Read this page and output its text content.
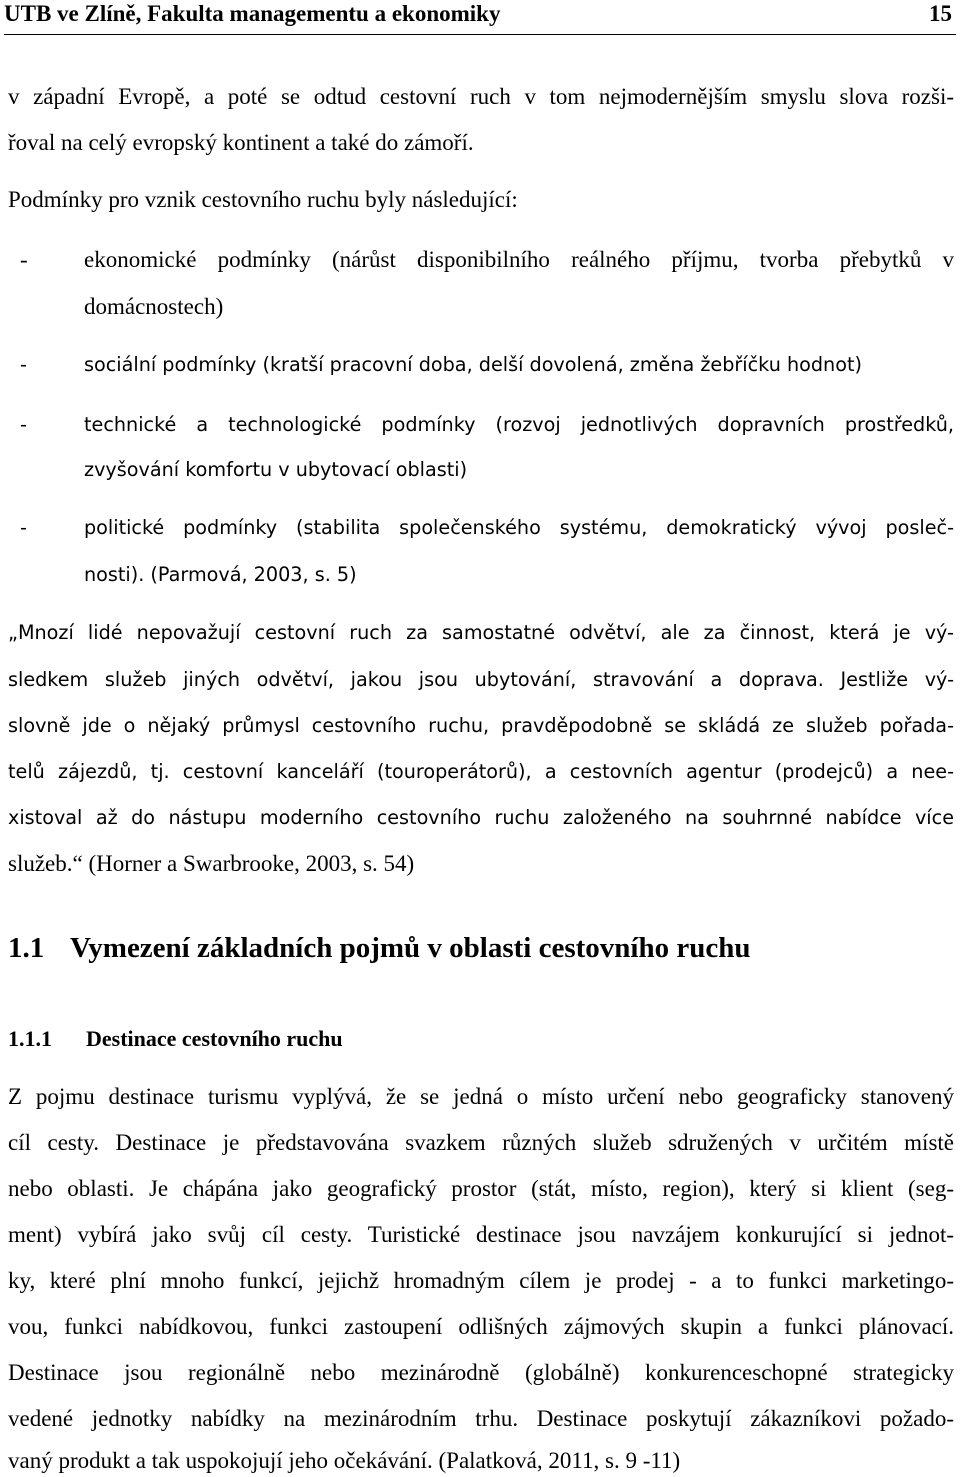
UTB ve Zlíně, Fakulta managementu a ekonomiky	15
v západní Evropě, a poté se odtud cestovní ruch v tom nejmodernějším smyslu slova rozši-
řoval na celý evropský kontinent a také do zámoří.
Podmínky pro vznik cestovního ruchu byly následující:
- ekonomické podmínky (nárůst disponibilního reálného příjmu, tvorba přebytků v
domácnostech)
-	sociální podmínky (kratší pracovní doba, delší dovolená, změna žebříčku hodnot)
-	technické a technologické podmínky (rozvoj jednotlivých dopravních prostředků,
zvyšování komfortu v ubytovací oblasti)
-	politické podmínky (stabilita společenského systému, demokratický vývoj posleč-
nosti). (Parmová, 2003, s. 5)
„Mnozí lidé nepovažují cestovní ruch za samostatné odvětví, ale za činnost, která je vý-
sledkem služeb jiných odvětví, jakou jsou ubytování, stravování a doprava. Jestliže vý-
slovně jde o nějaký průmysl cestovního ruchu, pravděpodobně se skládá ze služeb pořada-
telů zájezdů, tj. cestovní kanceláří (touroperátorů), a cestovních agentur (prodejců) a nee-
xistoval až do nástupu moderního cestovního ruchu založeného na souhrnné nabídce více
služeb.“ (Horner a Swarbrooke, 2003, s. 54)
1.1 Vymezení základních pojmů v oblasti cestovního ruchu
1.1.1 Destinace cestovního ruchu
Z pojmu destinace turismu vyplývá, že se jedná o místo určení nebo geograficky stanovený
cíl cesty. Destinace je představována svazkem různých služeb sdružených v určitém místě
nebo oblasti. Je chápána jako geografický prostor (stát, místo, region), který si klient (seg-
ment) vybírá jako svůj cíl cesty. Turistické destinace jsou navzájem konkurující si jednot-
ky, které plní mnoho funkcí, jejichž hromadným cílem je prodej - a to funkci marketingo-
vou, funkci nabídkovou, funkci zastoupení odlišných zájmových skupin a funkci plánovací.
Destinace jsou regionálně nebo mezinárodně (globálně) konkurenceschopné strategicky
vedené jednotky nabídky na mezinárodním trhu. Destinace poskytují zákazníkovi požado-
vaný produkt a tak uspokojují jeho očekávání. (Palatková, 2011, s. 9 -11)
